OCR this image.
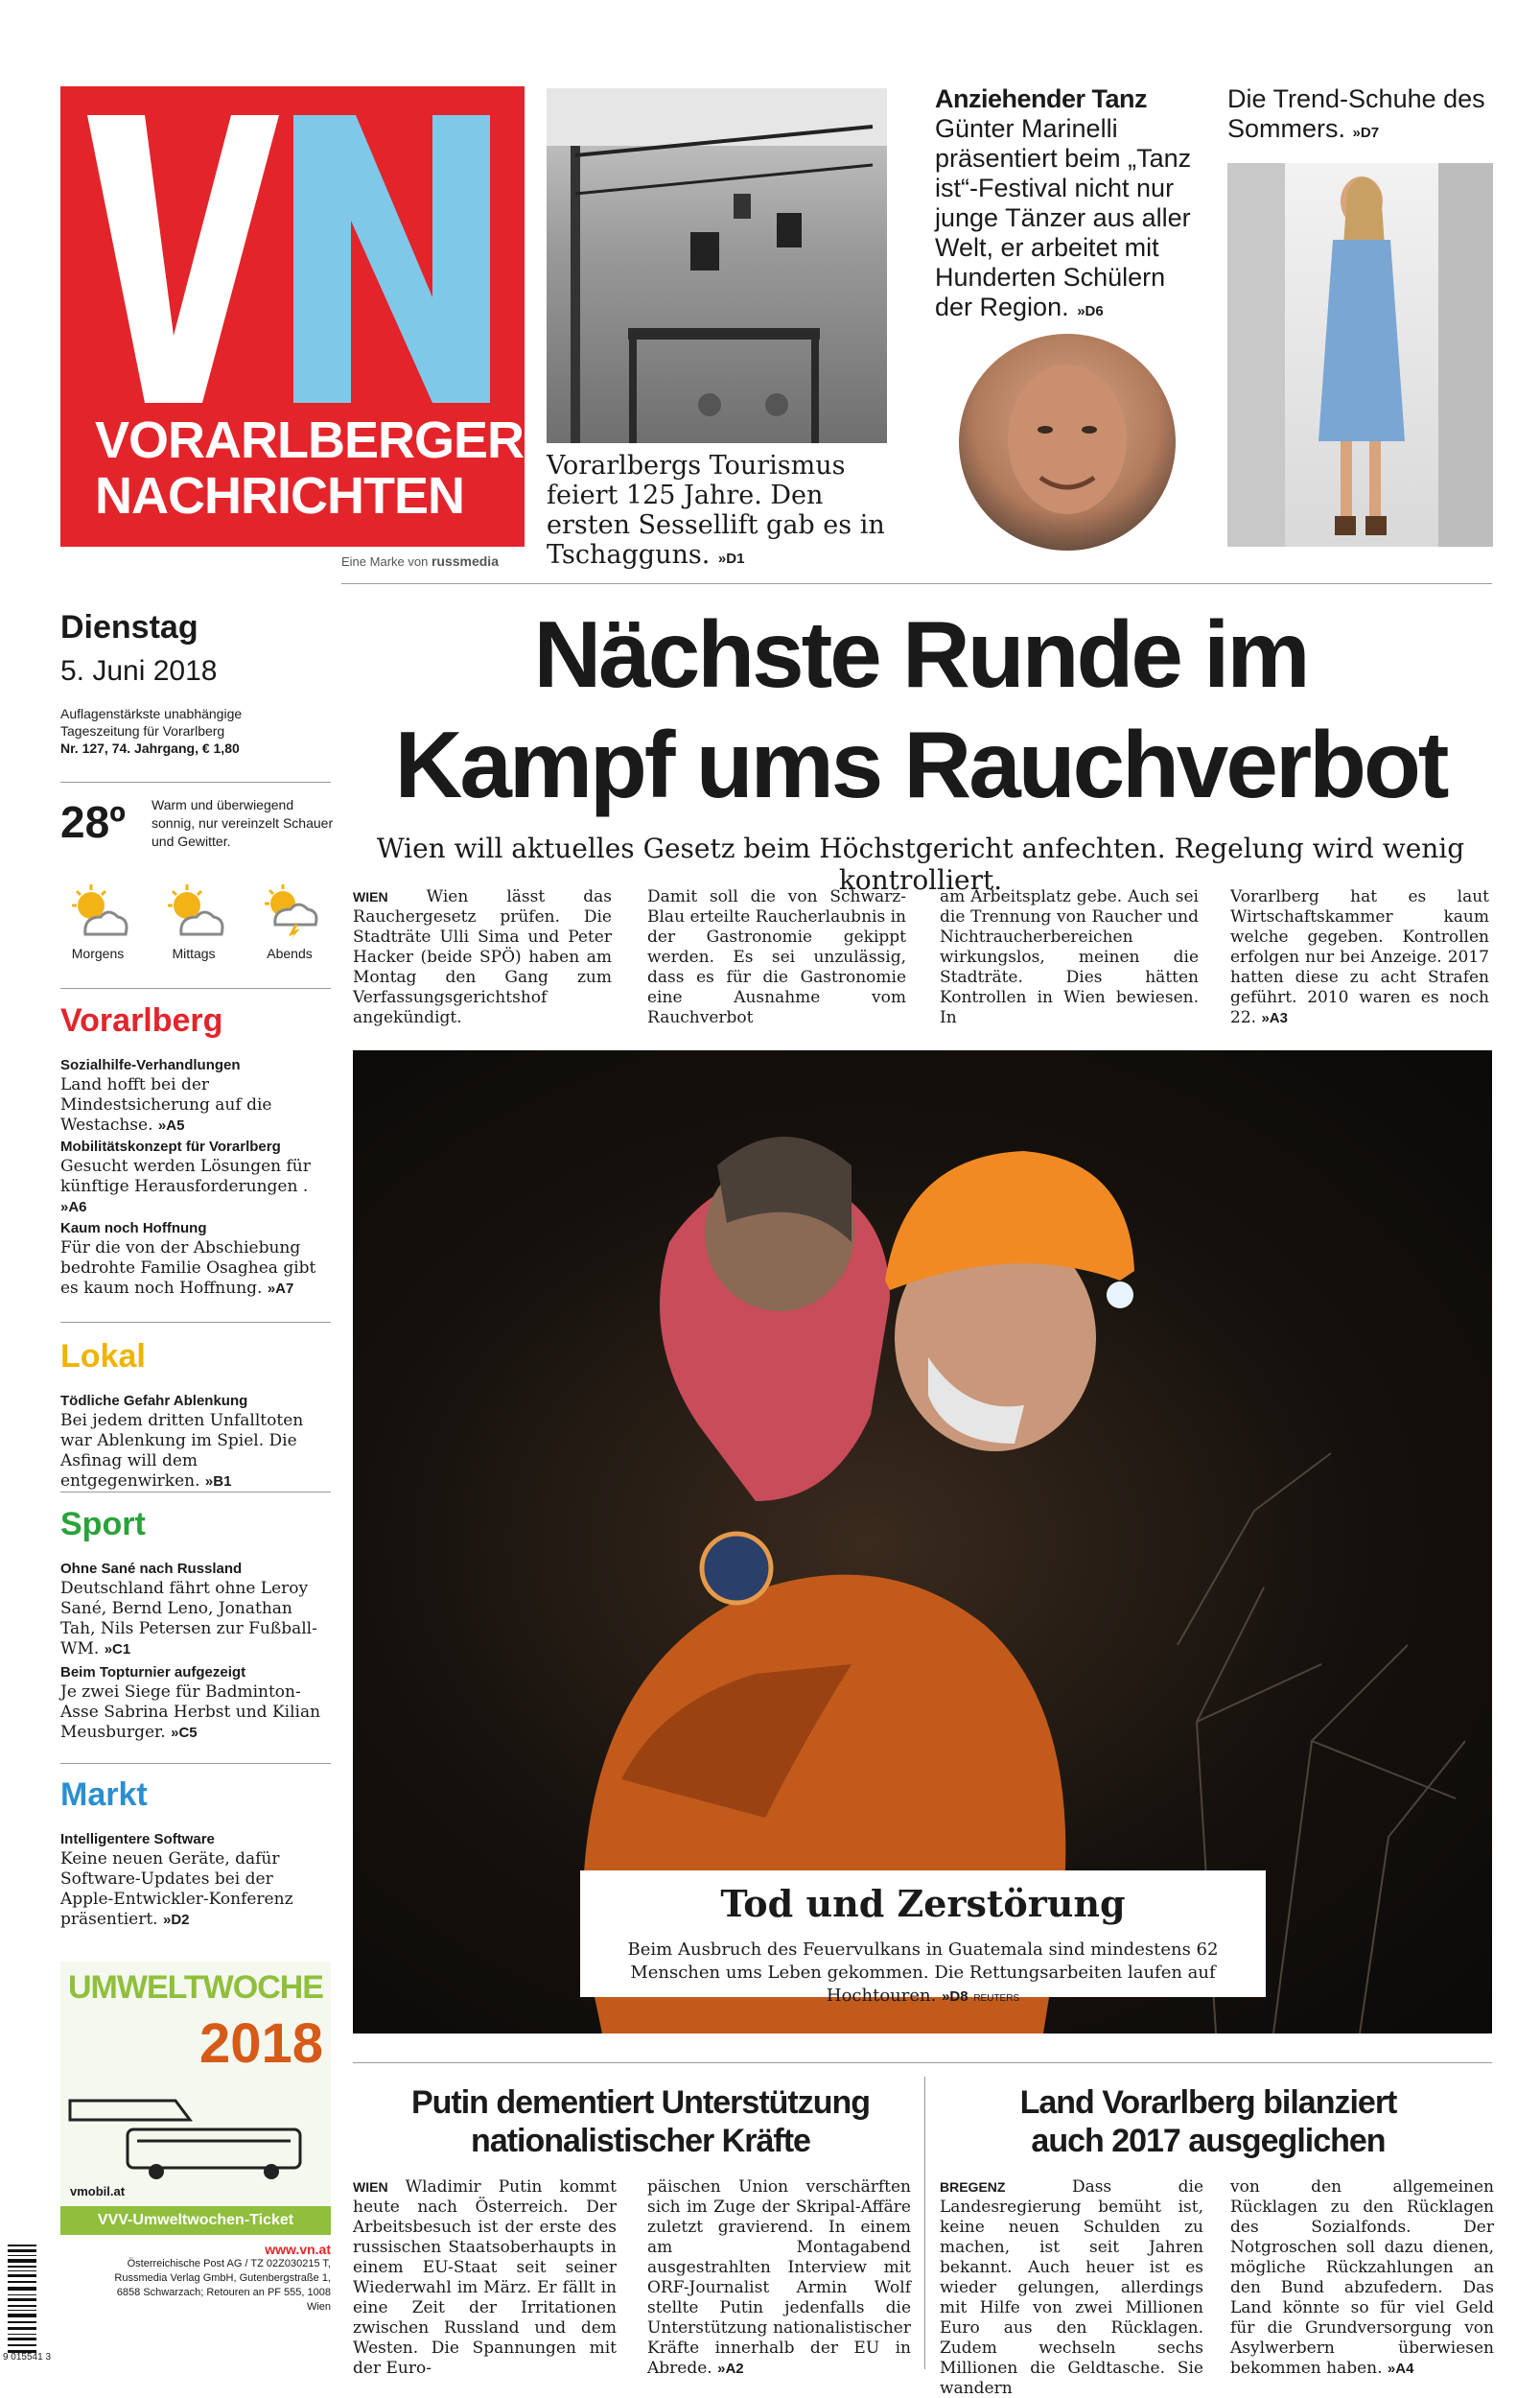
VORARLBERGER
NACHRICHTEN
Eine Marke von russmedia
Vorarlbergs Tourismus feiert 125 Jahre. Den ersten Sessellift gab es in Tschagguns. »D1
Anziehender Tanz
Günter Marinelli präsentiert beim „Tanz ist“-Festival nicht nur junge Tänzer aus aller Welt, er arbeitet mit Hunderten Schülern der Region. »D6
Die Trend-Schuhe des Sommers. »D7
Dienstag
5. Juni 2018
Auflagenstärkste unabhängige
Tageszeitung für Vorarlberg
Nr. 127, 74. Jahrgang, € 1,80
28º Warm und überwiegend sonnig, nur vereinzelt Schauer und Gewitter.
Morgens	Mittags	Abends
Vorarlberg
Sozialhilfe-Verhandlungen
Land hofft bei der Mindestsicherung auf die Westachse. »A5
Mobilitätskonzept für Vorarlberg
Gesucht werden Lösungen für künftige Herausforderungen . »A6
Kaum noch Hoffnung
Für die von der Abschiebung bedrohte Familie Osaghea gibt es kaum noch Hoffnung. »A7
Lokal
Tödliche Gefahr Ablenkung
Bei jedem dritten Unfalltoten war Ablenkung im Spiel. Die Asfinag will dem entgegenwirken. »B1
Sport
Ohne Sané nach Russland
Deutschland fährt ohne Leroy Sané, Bernd Leno, Jonathan Tah, Nils Petersen zur Fußball-WM. »C1
Beim Topturnier aufgezeigt
Je zwei Siege für Badminton-Asse Sabrina Herbst und Kilian Meusburger. »C5
Markt
Intelligentere Software
Keine neuen Geräte, dafür Software-Updates bei der Apple-Entwickler-Konferenz präsentiert. »D2
UMWELTWOCHE
2018
vmobil.at
VVV-Umweltwochen-Ticket
9 015541 3
www.vn.at
Österreichische Post AG / TZ 02Z030215 T,
Russmedia Verlag GmbH, Gutenbergstraße 1,
6858 Schwarzach; Retouren an PF 555, 1008 Wien
Nächste Runde im
Kampf ums Rauchverbot
Wien will aktuelles Gesetz beim Höchstgericht anfechten. Regelung wird wenig kontrolliert.
WIEN Wien lässt das Rauchergesetz prüfen. Die Stadträte Ulli Sima und Peter Hacker (beide SPÖ) haben am Montag den Gang zum Verfassungsgerichtshof angekündigt.
Damit soll die von Schwarz-Blau erteilte Raucherlaubnis in der Gastronomie gekippt werden. Es sei unzulässig, dass es für die Gastronomie eine Ausnahme vom Rauchverbot
am Arbeitsplatz gebe. Auch sei die Trennung von Raucher und Nichtraucherbereichen wirkungslos, meinen die Stadträte. Dies hätten Kontrollen in Wien bewiesen. In
Vorarlberg hat es laut Wirtschaftskammer kaum welche gegeben. Kontrollen erfolgen nur bei Anzeige. 2017 hatten diese zu acht Strafen geführt. 2010 waren es noch 22. »A3
Tod und Zerstörung
Beim Ausbruch des Feuervulkans in Guatemala sind mindestens 62 Menschen ums Leben gekommen. Die Rettungsarbeiten laufen auf Hochtouren. »D8 REUTERS
Putin dementiert Unterstützung
nationalistischer Kräfte
WIEN Wladimir Putin kommt heute nach Österreich. Der Arbeitsbesuch ist der erste des russischen Staatsoberhaupts in einem EU-Staat seit seiner Wiederwahl im März. Er fällt in eine Zeit der Irritationen zwischen Russland und dem Westen. Die Spannungen mit der Euro-
päischen Union verschärften sich im Zuge der Skripal-Affäre zuletzt gravierend. In einem am Montagabend ausgestrahlten Interview mit ORF-Journalist Armin Wolf stellte Putin jedenfalls die Unterstützung nationalistischer Kräfte innerhalb der EU in Abrede. »A2
Land Vorarlberg bilanziert
auch 2017 ausgeglichen
BREGENZ	Dass die Landesregierung bemüht ist, keine neuen Schulden zu machen, ist seit Jahren bekannt. Auch heuer ist es wieder gelungen, allerdings mit Hilfe von zwei Millionen Euro aus den Rücklagen. Zudem wechseln sechs Millionen die Geldtasche. Sie wandern
von den allgemeinen Rücklagen zu den Rücklagen des Sozialfonds. Der Notgroschen soll dazu dienen, mögliche Rückzahlungen an den Bund abzufedern. Das Land könnte so für viel Geld für die Grundversorgung von Asylwerbern überwiesen bekommen haben. »A4
